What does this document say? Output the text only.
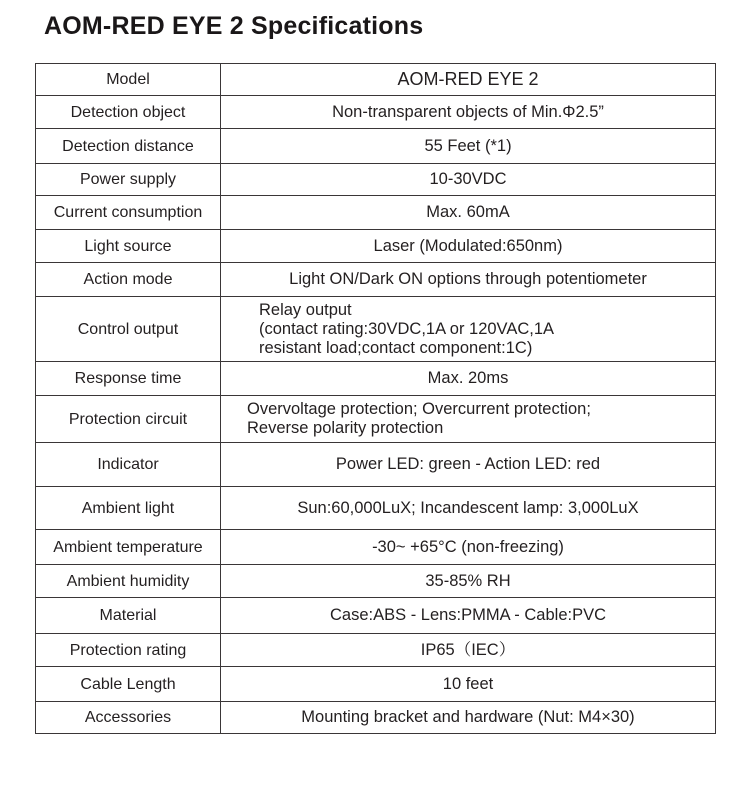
AOM-RED EYE 2 Specifications
Model	AOM-RED EYE 2
Detection object	Non-transparent objects of Min.Φ2.5”
Detection distance	55 Feet (*1)
Power supply	10-30VDC
Current consumption	Max. 60mA
Light source	Laser (Modulated:650nm)
Action mode	Light ON/Dark ON options through potentiometer
Control output	Relay output
(contact rating:30VDC,1A or 120VAC,1A
resistant load;contact component:1C)

Response time	Max. 20ms
Protection circuit	Overvoltage protection; Overcurrent protection;
Reverse polarity protection

Indicator	Power LED: green - Action LED: red
Ambient light	Sun:60,000LuX; Incandescent lamp: 3,000LuX
Ambient temperature	-30~ +65°C (non-freezing)
Ambient humidity	35-85% RH
Material	Case:ABS - Lens:PMMA - Cable:PVC
Protection rating	IP65（IEC）
Cable Length	10 feet
Accessories	Mounting bracket and hardware (Nut: M4×30)
